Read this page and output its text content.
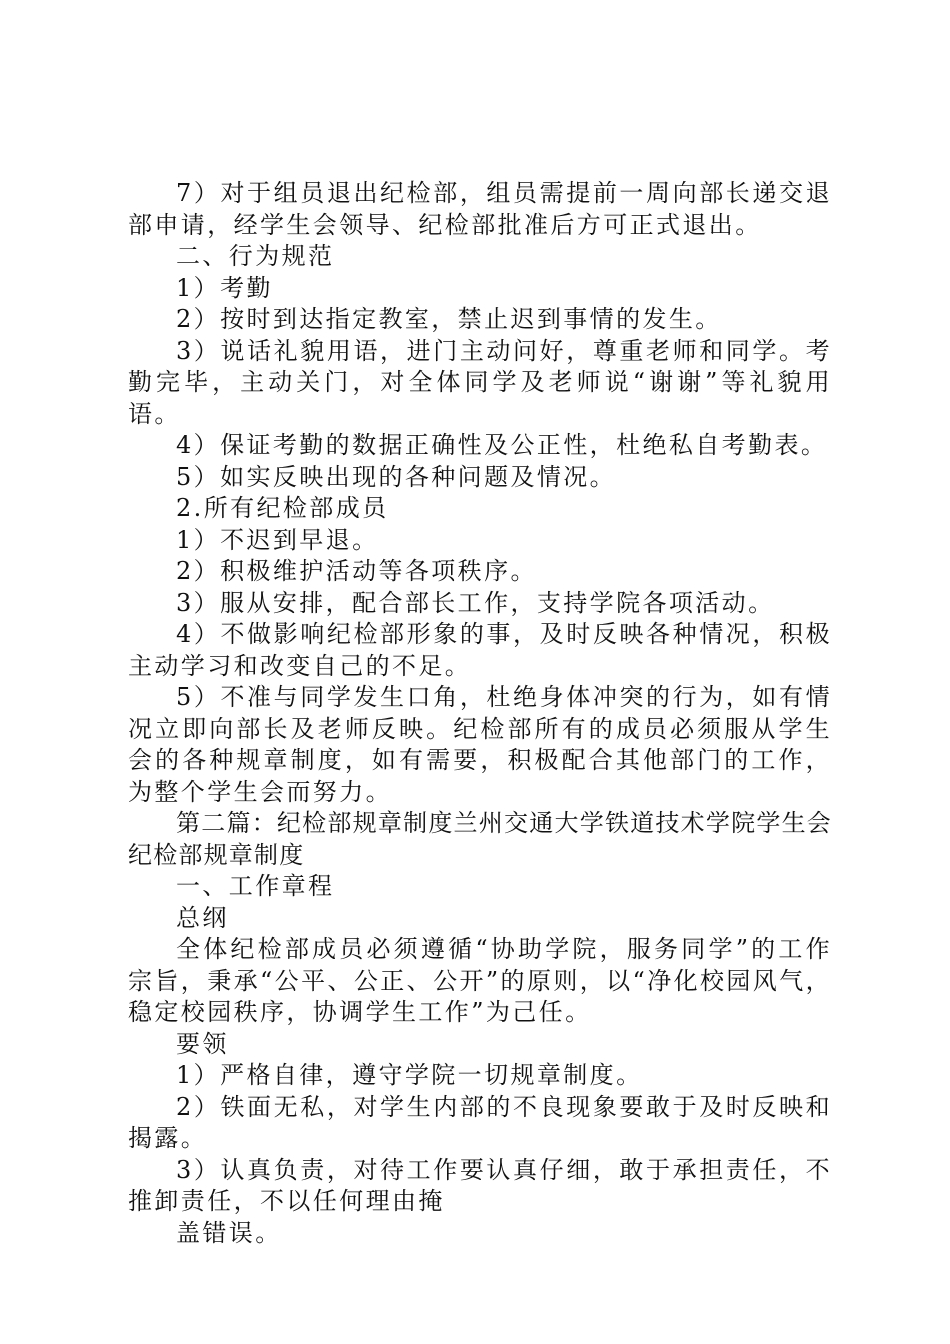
7）对于组员退出纪检部，组员需提前一周向部长递交退部申请，经学生会领导、纪检部批准后方可正式退出。

二、行为规范

1）考勤

2）按时到达指定教室，禁止迟到事情的发生。

3）说话礼貌用语，进门主动问好，尊重老师和同学。考勤完毕，主动关门，对全体同学及老师说“谢谢”等礼貌用语。

4）保证考勤的数据正确性及公正性，杜绝私自考勤表。

5）如实反映出现的各种问题及情况。

2.所有纪检部成员

1）不迟到早退。

2）积极维护活动等各项秩序。

3）服从安排，配合部长工作，支持学院各项活动。

4）不做影响纪检部形象的事，及时反映各种情况，积极主动学习和改变自己的不足。

5）不准与同学发生口角，杜绝身体冲突的行为，如有情况立即向部长及老师反映。纪检部所有的成员必须服从学生会的各种规章制度，如有需要，积极配合其他部门的工作，为整个学生会而努力。

第二篇：纪检部规章制度兰州交通大学铁道技术学院学生会纪检部规章制度

一、工作章程

总纲

全体纪检部成员必须遵循“协助学院，服务同学”的工作宗旨，秉承“公平、公正、公开”的原则，以“净化校园风气，稳定校园秩序，协调学生工作”为己任。

要领

1）严格自律，遵守学院一切规章制度。

2）铁面无私，对学生内部的不良现象要敢于及时反映和揭露。

3）认真负责，对待工作要认真仔细，敢于承担责任，不推卸责任，不以任何理由掩

盖错误。
